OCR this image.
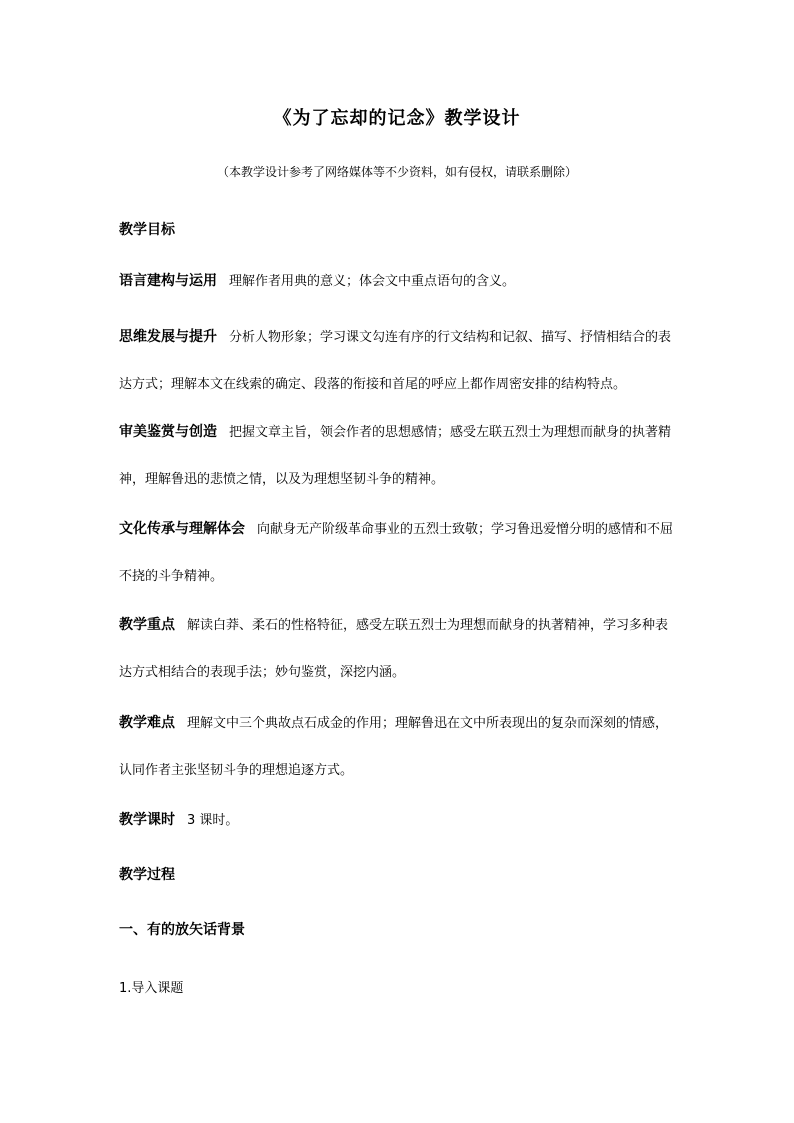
《为了忘却的记念》教学设计
（本教学设计参考了网络媒体等不少资料，如有侵权，请联系删除）
教学目标
语言建构与运用 理解作者用典的意义；体会文中重点语句的含义。
思维发展与提升 分析人物形象；学习课文勾连有序的行文结构和记叙、描写、抒情相结合的表达方式；理解本文在线索的确定、段落的衔接和首尾的呼应上都作周密安排的结构特点。
审美鉴赏与创造 把握文章主旨，领会作者的思想感情；感受左联五烈士为理想而献身的执著精神，理解鲁迅的悲愤之情，以及为理想坚韧斗争的精神。
文化传承与理解体会 向献身无产阶级革命事业的五烈士致敬；学习鲁迅爱憎分明的感情和不屈不挠的斗争精神。
教学重点 解读白莽、柔石的性格特征，感受左联五烈士为理想而献身的执著精神，学习多种表达方式相结合的表现手法；妙句鉴赏，深挖内涵。
教学难点 理解文中三个典故点石成金的作用；理解鲁迅在文中所表现出的复杂而深刻的情感，认同作者主张坚韧斗争的理想追逐方式。
教学课时 3 课时。
教学过程
一、有的放矢话背景
1.导入课题
